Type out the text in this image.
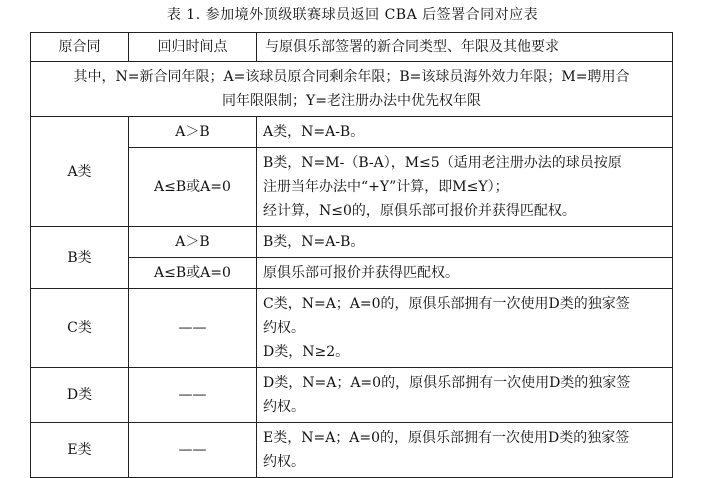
表 1. 参加境外顶级联赛球员返回 CBA 后签署合同对应表
原合同	回归时间点	与原俱乐部签署的新合同类型、年限及其他要求

其中，N=新合同年限；A=该球员原合同剩余年限；B=该球员海外效力年限；M=聘用合
同年限限制；Y=老注册办法中优先权年限		

A类	A＞B	A类，N=A-B。

	A≤B或A=0	B类，N=M-（B-A），M≤5（适用老注册办法的球员按原
注册当年办法中“+Y”计算，即M≤Y）；
经计算，N≤0的，原俱乐部可报价并获得匹配权。

B类	A＞B	B类，N=A-B。

	A≤B或A=0	原俱乐部可报价并获得匹配权。

C类	——	C类，N=A；A=0的，原俱乐部拥有一次使用D类的独家签
约权。
D类，N≥2。

D类	——	D类，N=A；A=0的，原俱乐部拥有一次使用D类的独家签
约权。

E类	——	E类，N=A；A=0的，原俱乐部拥有一次使用D类的独家签
约权。
